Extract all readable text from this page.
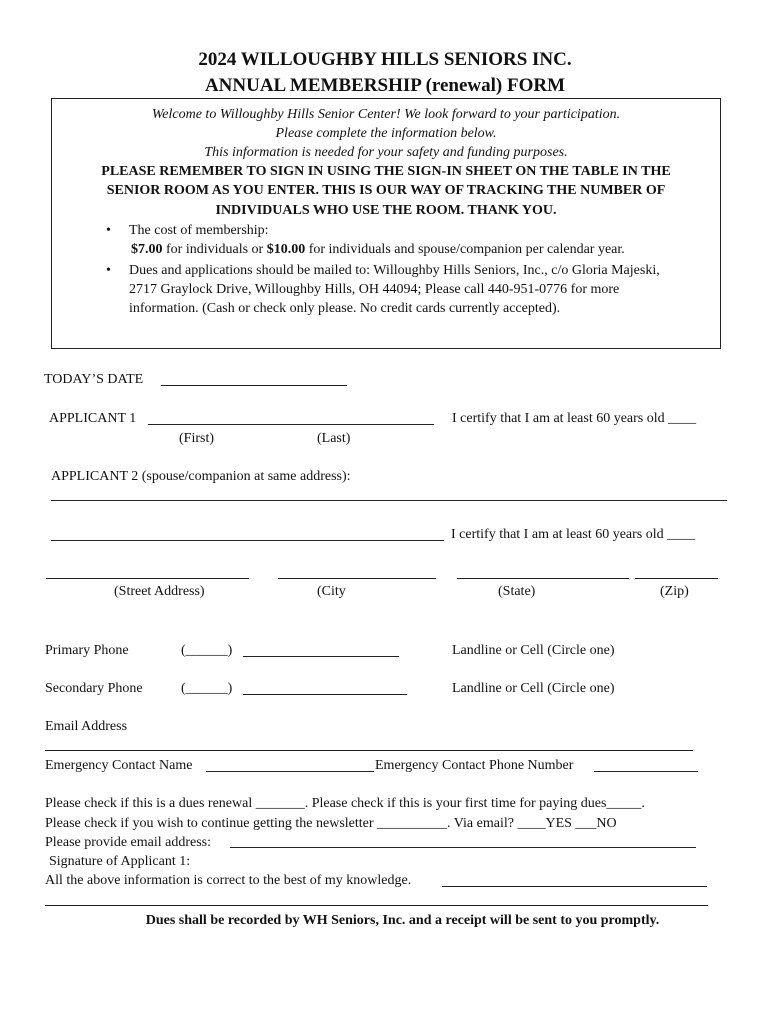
2024 WILLOUGHBY HILLS SENIORS INC.
ANNUAL MEMBERSHIP (renewal) FORM
Welcome to Willoughby Hills Senior Center! We look forward to your participation.
Please complete the information below.
This information is needed for your safety and funding purposes.
PLEASE REMEMBER TO SIGN IN USING THE SIGN-IN SHEET ON THE TABLE IN THE
SENIOR ROOM AS YOU ENTER. THIS IS OUR WAY OF TRACKING THE NUMBER OF
INDIVIDUALS WHO USE THE ROOM. THANK YOU.
• The cost of membership:
$7.00 for individuals or $10.00 for individuals and spouse/companion per calendar year.
• Dues and applications should be mailed to: Willoughby Hills Seniors, Inc., c/o Gloria Majeski,
2717 Graylock Drive, Willoughby Hills, OH 44094; Please call 440-951-0776 for more
information. (Cash or check only please. No credit cards currently accepted).
TODAY’S DATE
APPLICANT 1	I certify that I am at least 60 years old ____
(First)	(Last)
APPLICANT 2 (spouse/companion at same address):
I certify that I am at least 60 years old ____
(Street Address)	(City	(State)	(Zip)
Primary Phone	(______)	Landline or Cell (Circle one)
Secondary Phone	(______)	Landline or Cell (Circle one)
Email Address
Emergency Contact Name	Emergency Contact Phone Number
Please check if this is a dues renewal _______. Please check if this is your first time for paying dues_____.
Please check if you wish to continue getting the newsletter __________. Via email? ____YES ___NO
Please provide email address:
Signature of Applicant 1:
All the above information is correct to the best of my knowledge.
Dues shall be recorded by WH Seniors, Inc. and a receipt will be sent to you promptly.
